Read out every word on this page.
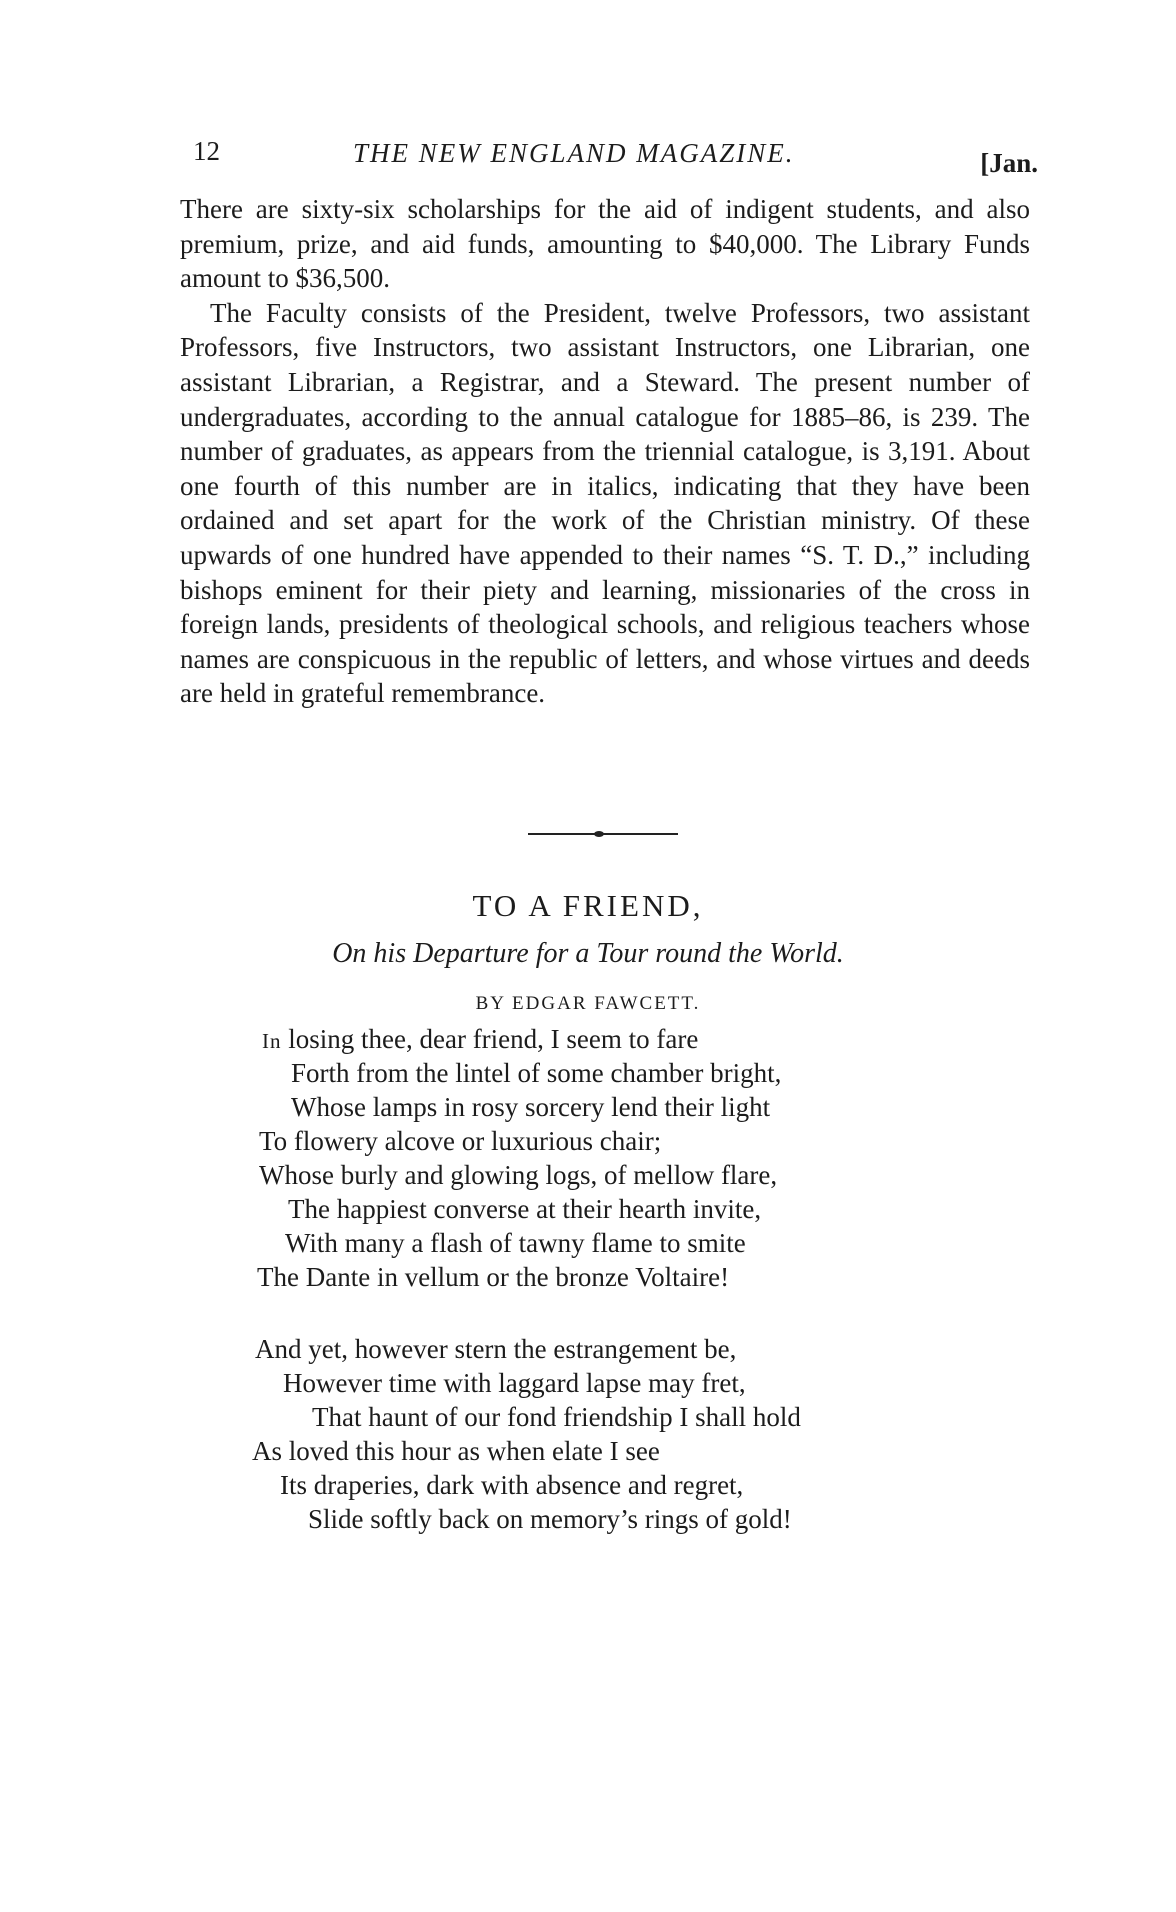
12	THE NEW ENGLAND MAGAZINE.	[Jan.

There are sixty-six scholarships for the aid of indigent students, and also premium, prize, and aid funds, amounting to $40,000. The Library Funds amount to $36,500.

The Faculty consists of the President, twelve Professors, two assistant Professors, five Instructors, two assistant Instructors, one Librarian, one assistant Librarian, a Registrar, and a Steward. The present number of undergraduates, according to the annual catalogue for 1885–86, is 239. The number of graduates, as appears from the triennial catalogue, is 3,191. About one fourth of this number are in italics, indicating that they have been ordained and set apart for the work of the Christian ministry. Of these upwards of one hundred have appended to their names “S. T. D.,” including bishops eminent for their piety and learning, missionaries of the cross in foreign lands, presidents of theological schools, and religious teachers whose names are conspicuous in the republic of letters, and whose virtues and deeds are held in grateful remembrance.

TO A FRIEND,
On his Departure for a Tour round the World.
BY EDGAR FAWCETT.
In losing thee, dear friend, I seem to fare
Forth from the lintel of some chamber bright,
Whose lamps in rosy sorcery lend their light
To flowery alcove or luxurious chair;
Whose burly and glowing logs, of mellow flare,
The happiest converse at their hearth invite,
With many a flash of tawny flame to smite
The Dante in vellum or the bronze Voltaire!
And yet, however stern the estrangement be,
However time with laggard lapse may fret,
That haunt of our fond friendship I shall hold
As loved this hour as when elate I see
Its draperies, dark with absence and regret,
Slide softly back on memory’s rings of gold!
